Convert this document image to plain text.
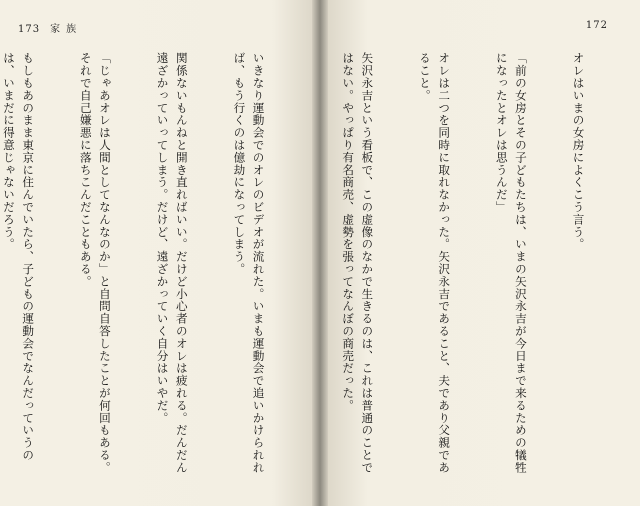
173 家族

いきなり運動会でのオレのビデオが流れた。いまも運動会で追いかけられれば、もう行くのは億劫になってしまう。

関係ないもんねと開き直ればいい。だけど小心者のオレは疲れる。だんだん遠ざかっていってしまう。だけど、遠ざかっていく自分はいやだ。

「じゃあオレは人間としてなんなのか」と自問自答したことが何回もある。それで自己嫌悪に落ちこんだこともある。

もしもあのまま東京に住んでいたら、子どもの運動会でなんだっていうのは、いまだに得意じゃないだろう。

172

オレはいまの女房によくこう言う。

「前の女房とその子どもたちは、いまの矢沢永吉が今日まで来るための犠牲になったとオレは思うんだ」

オレは二つを同時に取れなかった。矢沢永吉であること、夫であり父親であること。

矢沢永吉という看板で、この虚像のなかで生きるのは、これは普通のことではない。やっぱり有名商売、虚勢を張ってなんぼの商売だった。
